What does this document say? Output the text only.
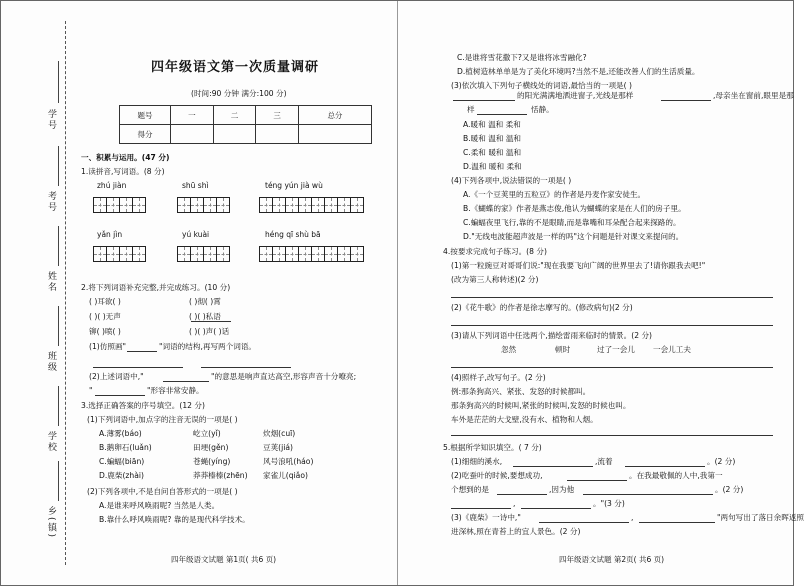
学号
考号
姓名
班级
学校
乡(镇)
四年级语文第一次质量调研
(时间:90 分钟 满分:100 分)
题号	一	二	三	总分
得分				
一、积累与运用。(47 分)
1.读拼音,写词语。(8 分)
zhú jiàn	shū shì	téng yún jià wù
yǎn jìn	yú kuài	héng qī shù bā
2.将下列词语补充完整,并完成练习。(10 分)
( )耳欲( )	( )彻( )霄
( )( )无声	( )( )私语
铆( )喷( )	( )( )声( )话
(1)仿照画"	"词语的结构,再写两个词语。
(2)上述词语中,"	"的意思是响声直达高空,形容声音十分嘹亮;
"	"形容非常安静。
3.选择正确答案的序号填空。(12 分)
(1)下列词语中,加点字的注音无误的一项是( )
A.薄雾(báo)	屹立(yǐ)	炊烟(cuī)
B.鹅卵石(luǎn)	田埂(gěn)	豆荚(jiá)
C.蝙蝠(biān)	苍蝇(yíng)	风号浪吼(háo)
D.鹿柴(zhài)	莽莽榛榛(zhēn) 家雀儿(qiǎo)
(2)下列各项中,不是自问自答形式的一项是( )
A.是谁来呼风唤雨呢? 当然是人类。
B.靠什么呼风唤雨呢? 靠的是现代科学技术。
四年级语文试题 第1页( 共6 页)
C.是谁将雪花撒下?又是谁将冰雪融化?
D.植树造林单单是为了美化环境吗?当然不是,还能改善人们的生活质量。
(3)依次填入下列句子横线处的词语,最恰当的一项是( )
的阳光满满地洒进窗子,光线是那样	,母亲坐在窗前,眼里是那
样	恬静。
A.暖和 温和 柔和
B.暖和 温和 温和
C.柔和 暖和 温和
D.温和 暖和 柔和
(4)下列各项中,说法错误的一项是( )
A.《一个豆荚里的五粒豆》的作者是丹麦作家安徒生。
B.《蝴蝶的家》作者是燕志俊,他认为蝴蝶的家是在人们的房子里。
C.蝙蝠夜里飞行,靠的不是眼睛,而是靠嘴和耳朵配合起来探路的。
D."无线电波能超声波是一样的吗"这个问题是针对课文来提问的。
4.按要求完成句子练习。(8 分)
(1)第一粒豌豆对哥哥们说:"现在我要飞向广阔的世界里去了!请你跟我去吧!"
(改为第三人称转述)(2 分)
(2)《花牛歌》的作者是徐志摩写的。(修改病句)(2 分)
(3)请从下列词语中任选两个,描绘雷雨来临时的情景。(2 分)
忽然	顿时	过了一会儿 一会儿工夫
(4)照样子,改写句子。(2 分)
例:那条狗高兴、紧张、发怒的时候都叫。
那条狗高兴的时候叫,紧张的时候叫,发怒的时候也叫。
车外是茫茫的大戈壁,没有水、植物和人烟。
5.根据所学知识填空。( 7 分)
(1)细细的溪水,	,流着	。(2 分)
(2)吃蚕叶的时候,要想成功,	。在我最敬佩的人中,我第一
个想到的是	,因为他	。(2 分)
,	。"(3 分)
(3)《鹿柴》一诗中,"	,	"两句写出了落日余晖返照
进深林,照在青苔上的宜人景色。(2 分)
四年级语文试题 第2页( 共6 页)
